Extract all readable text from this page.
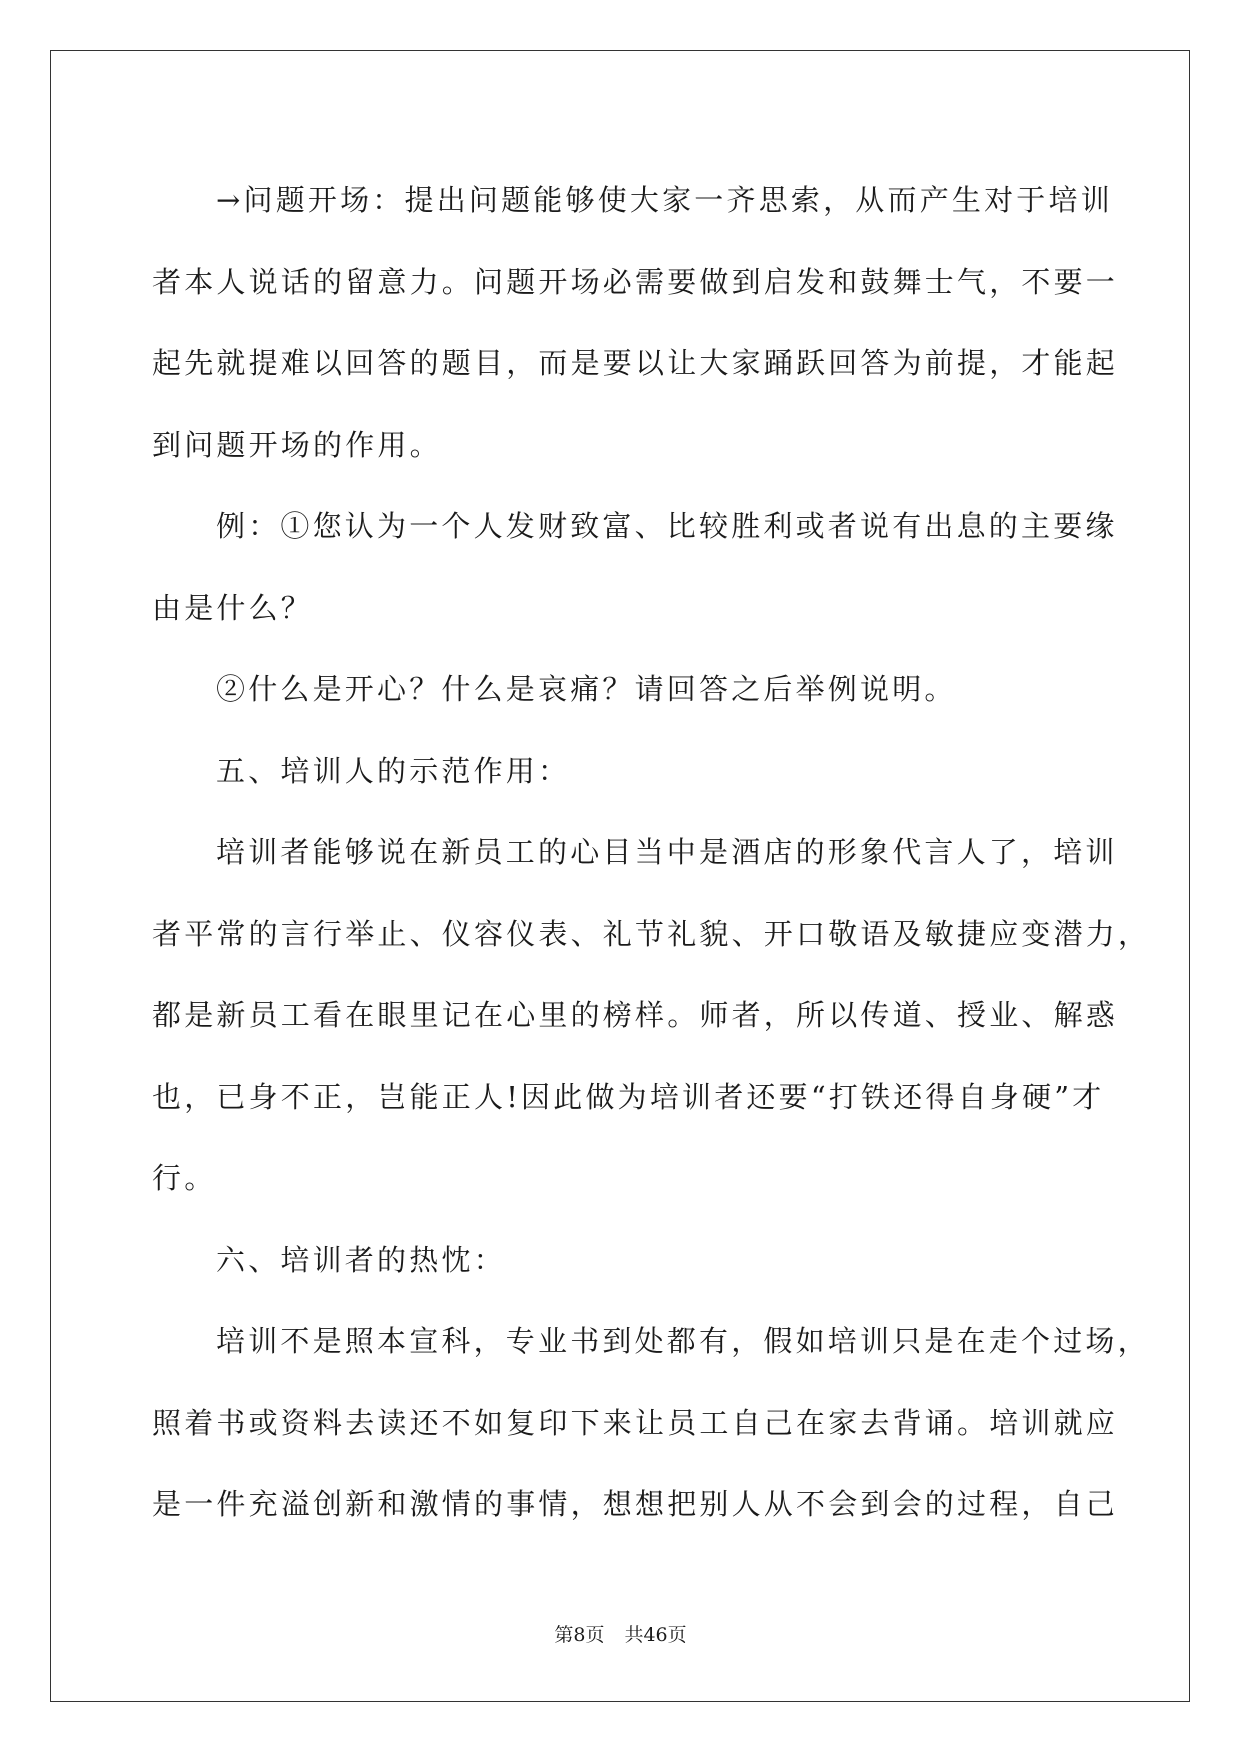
→问题开场：提出问题能够使大家一齐思索，从而产生对于培训

者本人说话的留意力。问题开场必需要做到启发和鼓舞士气，不要一

起先就提难以回答的题目，而是要以让大家踊跃回答为前提，才能起

到问题开场的作用。

例：①您认为一个人发财致富、比较胜利或者说有出息的主要缘

由是什么？

②什么是开心？什么是哀痛？请回答之后举例说明。

五、培训人的示范作用：

培训者能够说在新员工的心目当中是酒店的形象代言人了，培训

者平常的言行举止、仪容仪表、礼节礼貌、开口敬语及敏捷应变潜力，

都是新员工看在眼里记在心里的榜样。师者，所以传道、授业、解惑

也，已身不正，岂能正人!因此做为培训者还要“打铁还得自身硬”才

行。

六、培训者的热忱：

培训不是照本宣科，专业书到处都有，假如培训只是在走个过场，

照着书或资料去读还不如复印下来让员工自己在家去背诵。培训就应

是一件充溢创新和激情的事情，想想把别人从不会到会的过程，自己

第8页 共46页
